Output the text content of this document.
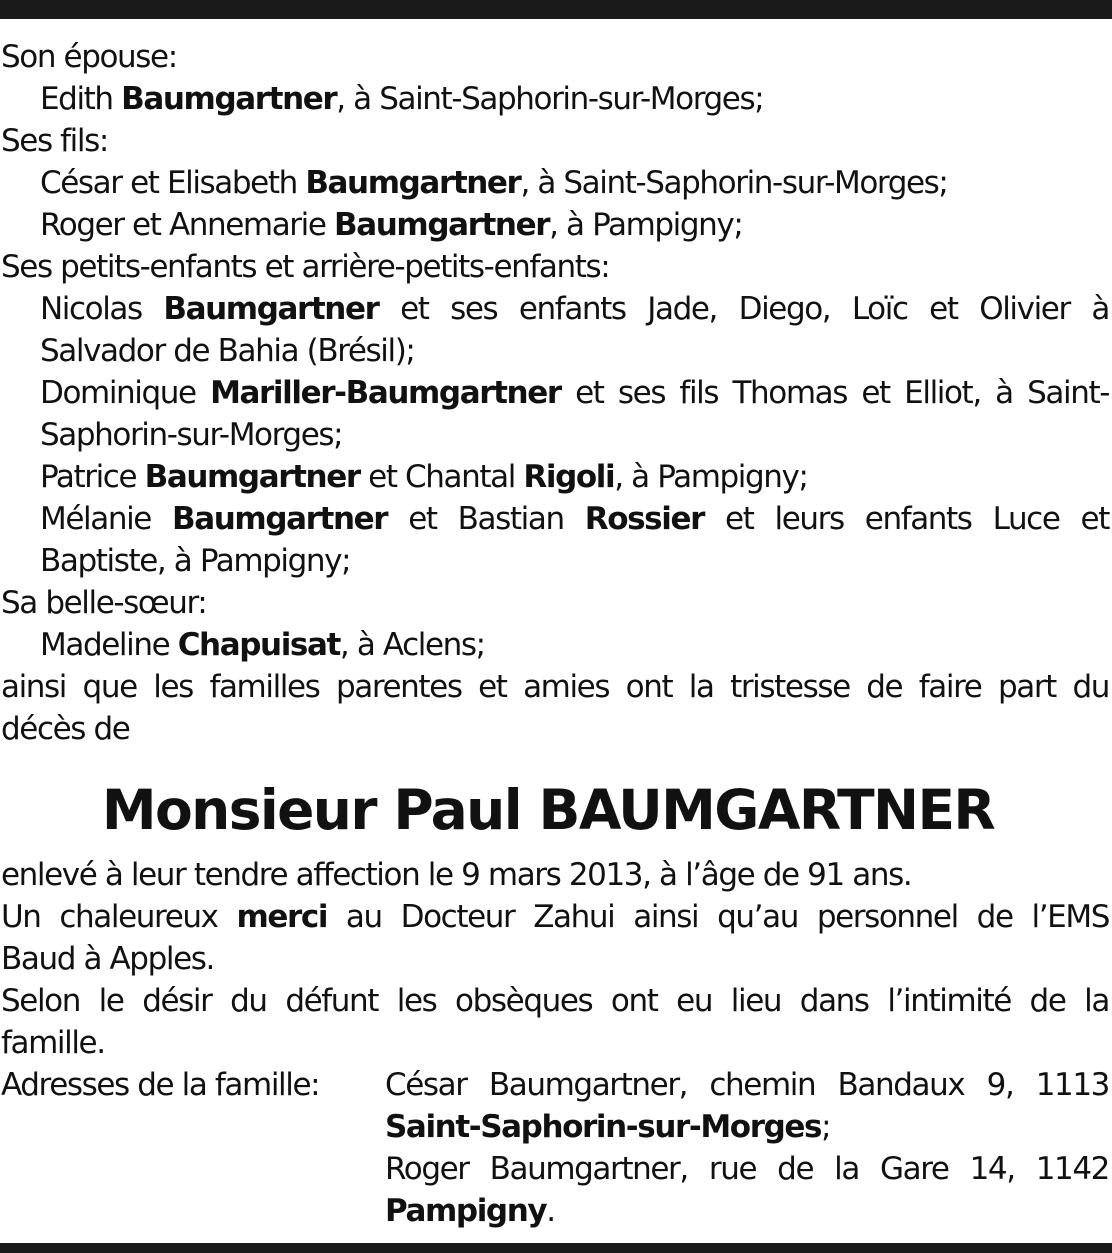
Son épouse:
Edith Baumgartner, à Saint-Saphorin-sur-Morges;
Ses fils:
César et Elisabeth Baumgartner, à Saint-Saphorin-sur-Morges;
Roger et Annemarie Baumgartner, à Pampigny;
Ses petits-enfants et arrière-petits-enfants:
Nicolas Baumgartner et ses enfants Jade, Diego, Loïc et Olivier à
Salvador de Bahia (Brésil);
Dominique Mariller-Baumgartner et ses fils Thomas et Elliot, à Saint-
Saphorin-sur-Morges;
Patrice Baumgartner et Chantal Rigoli, à Pampigny;
Mélanie Baumgartner et Bastian Rossier et leurs enfants Luce et
Baptiste, à Pampigny;
Sa belle-sœur:
Madeline Chapuisat, à Aclens;
ainsi que les familles parentes et amies ont la tristesse de faire part du
décès de
Monsieur Paul BAUMGARTNER
enlevé à leur tendre affection le 9 mars 2013, à l’âge de 91 ans.
Un chaleureux merci au Docteur Zahui ainsi qu’au personnel de l’EMS
Baud à Apples.
Selon le désir du défunt les obsèques ont eu lieu dans l’intimité de la
famille.
Adresses de la famille: César Baumgartner, chemin Bandaux 9, 1113
Saint-Saphorin-sur-Morges;
Roger Baumgartner, rue de la Gare 14, 1142
Pampigny.
